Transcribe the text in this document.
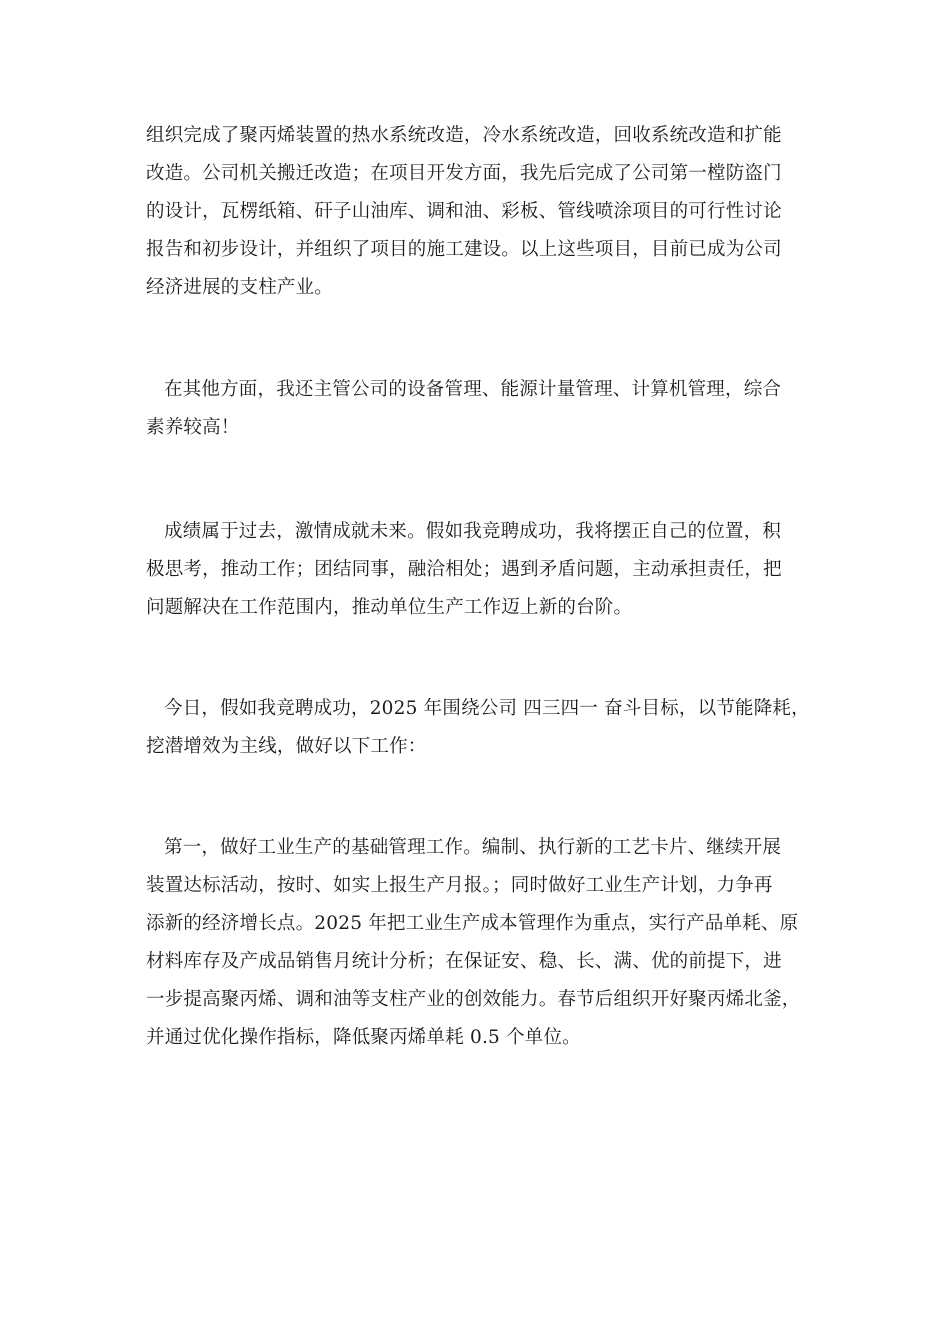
组织完成了聚丙烯装置的热水系统改造，冷水系统改造，回收系统改造和扩能
改造。公司机关搬迁改造；在项目开发方面，我先后完成了公司第一樘防盗门
的设计，瓦楞纸箱、矸子山油库、调和油、彩板、管线喷涂项目的可行性讨论
报告和初步设计，并组织了项目的施工建设。以上这些项目，目前已成为公司
经济进展的支柱产业。

在其他方面，我还主管公司的设备管理、能源计量管理、计算机管理，综合
素养较高！

成绩属于过去，激情成就未来。假如我竞聘成功，我将摆正自己的位置，积
极思考，推动工作；团结同事，融洽相处；遇到矛盾问题，主动承担责任，把
问题解决在工作范围内，推动单位生产工作迈上新的台阶。

今日，假如我竞聘成功，2025 年围绕公司 四三四一 奋斗目标，以节能降耗，
挖潜增效为主线，做好以下工作：

第一，做好工业生产的基础管理工作。编制、执行新的工艺卡片、继续开展
装置达标活动，按时、如实上报生产月报。；同时做好工业生产计划，力争再
添新的经济增长点。2025 年把工业生产成本管理作为重点，实行产品单耗、原
材料库存及产成品销售月统计分析；在保证安、稳、长、满、优的前提下，进
一步提高聚丙烯、调和油等支柱产业的创效能力。春节后组织开好聚丙烯北釜，
并通过优化操作指标，降低聚丙烯单耗 0.5 个单位。
